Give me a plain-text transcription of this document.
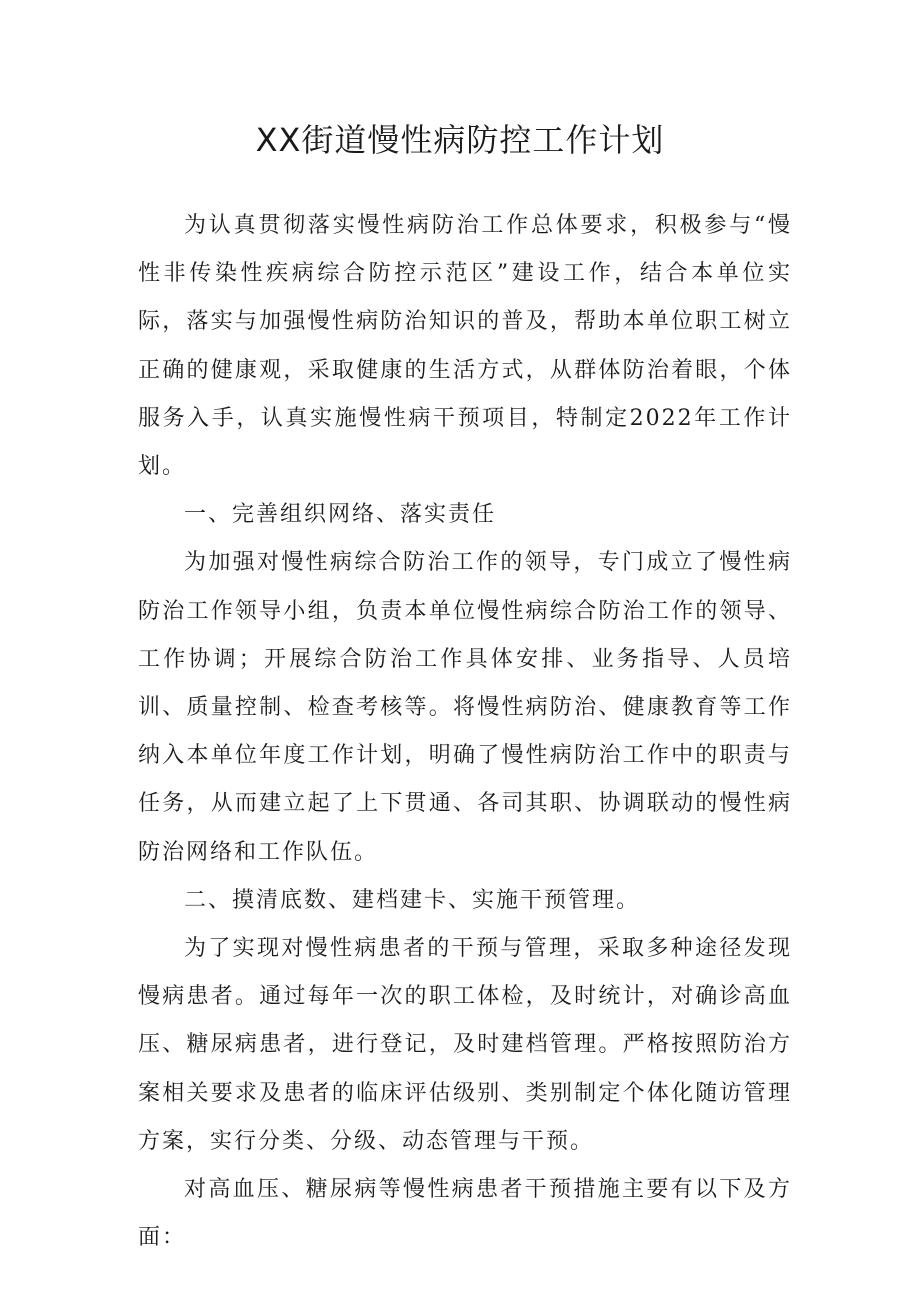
XX街道慢性病防控工作计划

为认真贯彻落实慢性病防治工作总体要求，积极参与“慢性非传染性疾病综合防控示范区”建设工作，结合本单位实际，落实与加强慢性病防治知识的普及，帮助本单位职工树立正确的健康观，采取健康的生活方式，从群体防治着眼，个体服务入手，认真实施慢性病干预项目，特制定2022年工作计划。

一、完善组织网络、落实责任

为加强对慢性病综合防治工作的领导，专门成立了慢性病防治工作领导小组，负责本单位慢性病综合防治工作的领导、工作协调；开展综合防治工作具体安排、业务指导、人员培训、质量控制、检查考核等。将慢性病防治、健康教育等工作纳入本单位年度工作计划，明确了慢性病防治工作中的职责与任务，从而建立起了上下贯通、各司其职、协调联动的慢性病防治网络和工作队伍。

二、摸清底数、建档建卡、实施干预管理。

为了实现对慢性病患者的干预与管理，采取多种途径发现慢病患者。通过每年一次的职工体检，及时统计，对确诊高血压、糖尿病患者，进行登记，及时建档管理。严格按照防治方案相关要求及患者的临床评估级别、类别制定个体化随访管理方案，实行分类、分级、动态管理与干预。

对高血压、糖尿病等慢性病患者干预措施主要有以下及方面：
